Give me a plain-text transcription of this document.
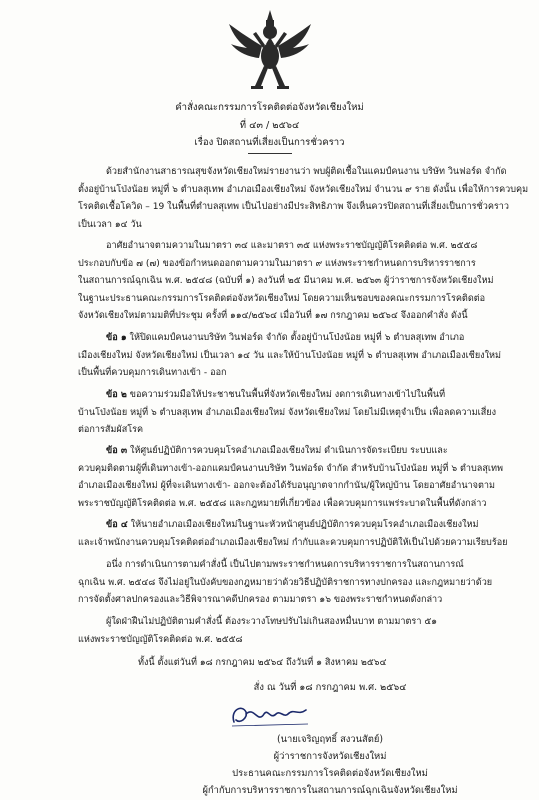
คำสั่งคณะกรรมการโรคติดต่อจังหวัดเชียงใหม่
ที่ ๔๓ / ๒๕๖๔
เรื่อง ปิดสถานที่เสี่ยงเป็นการชั่วคราว
ด้วยสำนักงานสาธารณสุขจังหวัดเชียงใหม่รายงานว่า พบผู้ติดเชื้อในแคมป์คนงาน บริษัท วินฟอร์ด จำกัด
ตั้งอยู่บ้านโป่งน้อย หมู่ที่ ๖ ตำบลสุเทพ อำเภอเมืองเชียงใหม่ จังหวัดเชียงใหม่ จำนวน ๙ ราย ดังนั้น เพื่อให้การควบคุม
โรคติดเชื้อโควิด – 19 ในพื้นที่ตำบลสุเทพ เป็นไปอย่างมีประสิทธิภาพ จึงเห็นควรปิดสถานที่เสี่ยงเป็นการชั่วคราว
เป็นเวลา ๑๔ วัน
อาศัยอำนาจตามความในมาตรา ๓๔ และมาตรา ๓๕ แห่งพระราชบัญญัติโรคติดต่อ พ.ศ. ๒๕๕๘
ประกอบกับข้อ ๗ (๗) ของข้อกำหนดออกตามความในมาตรา ๙ แห่งพระราชกำหนดการบริหารราชการ
ในสถานการณ์ฉุกเฉิน พ.ศ. ๒๕๔๘ (ฉบับที่ ๑) ลงวันที่ ๒๕ มีนาคม พ.ศ. ๒๕๖๓ ผู้ว่าราชการจังหวัดเชียงใหม่
ในฐานะประธานคณะกรรมการโรคติดต่อจังหวัดเชียงใหม่ โดยความเห็นชอบของคณะกรรมการโรคติดต่อ
จังหวัดเชียงใหม่ตามมติที่ประชุม ครั้งที่ ๑๑๔/๒๕๖๔ เมื่อวันที่ ๑๗ กรกฎาคม ๒๕๖๔ จึงออกคำสั่ง ดังนี้
ข้อ ๑ ให้ปิดแคมป์คนงานบริษัท วินฟอร์ด จำกัด ตั้งอยู่บ้านโป่งน้อย หมู่ที่ ๖ ตำบลสุเทพ อำเภอ
เมืองเชียงใหม่ จังหวัดเชียงใหม่ เป็นเวลา ๑๔ วัน และให้บ้านโป่งน้อย หมู่ที่ ๖ ตำบลสุเทพ อำเภอเมืองเชียงใหม่
เป็นพื้นที่ควบคุมการเดินทางเข้า - ออก
ข้อ ๒ ขอความร่วมมือให้ประชาชนในพื้นที่จังหวัดเชียงใหม่ งดการเดินทางเข้าไปในพื้นที่
บ้านโป่งน้อย หมู่ที่ ๖ ตำบลสุเทพ อำเภอเมืองเชียงใหม่ จังหวัดเชียงใหม่ โดยไม่มีเหตุจำเป็น เพื่อลดความเสี่ยง
ต่อการสัมผัสโรค
ข้อ ๓ ให้ศูนย์ปฏิบัติการควบคุมโรคอำเภอเมืองเชียงใหม่ ดำเนินการจัดระเบียบ ระบบและ
ควบคุมติดตามผู้ที่เดินทางเข้า-ออกแคมป์คนงานบริษัท วินฟอร์ด จำกัด สำหรับบ้านโป่งน้อย หมู่ที่ ๖ ตำบลสุเทพ
อำเภอเมืองเชียงใหม่ ผู้ที่จะเดินทางเข้า- ออกจะต้องได้รับอนุญาตจากกำนัน/ผู้ใหญ่บ้าน โดยอาศัยอำนาจตาม
พระราชบัญญัติโรคติดต่อ พ.ศ. ๒๕๕๘ และกฎหมายที่เกี่ยวข้อง เพื่อควบคุมการแพร่ระบาดในพื้นที่ดังกล่าว
ข้อ ๔ ให้นายอำเภอเมืองเชียงใหม่ในฐานะหัวหน้าศูนย์ปฏิบัติการควบคุมโรคอำเภอเมืองเชียงใหม่
และเจ้าพนักงานควบคุมโรคติดต่ออำเภอเมืองเชียงใหม่ กำกับและควบคุมการปฏิบัติให้เป็นไปด้วยความเรียบร้อย
อนึ่ง การดำเนินการตามคำสั่งนี้ เป็นไปตามพระราชกำหนดการบริหารราชการในสถานการณ์
ฉุกเฉิน พ.ศ. ๒๕๔๘ จึงไม่อยู่ในบังคับของกฎหมายว่าด้วยวิธีปฏิบัติราชการทางปกครอง และกฎหมายว่าด้วย
การจัดตั้งศาลปกครองและวิธีพิจารณาคดีปกครอง ตามมาตรา ๑๖ ของพระราชกำหนดดังกล่าว
ผู้ใดฝ่าฝืนไม่ปฏิบัติตามคำสั่งนี้ ต้องระวางโทษปรับไม่เกินสองหมื่นบาท ตามมาตรา ๕๑
แห่งพระราชบัญญัติโรคติดต่อ พ.ศ. ๒๕๕๘
ทั้งนี้ ตั้งแต่วันที่ ๑๘ กรกฎาคม ๒๕๖๔ ถึงวันที่ ๑ สิงหาคม ๒๕๖๔
สั่ง ณ วันที่ ๑๘ กรกฎาคม พ.ศ. ๒๕๖๔
(นายเจริญฤทธิ์ สงวนสัตย์)
ผู้ว่าราชการจังหวัดเชียงใหม่
ประธานคณะกรรมการโรคติดต่อจังหวัดเชียงใหม่
ผู้กำกับการบริหารราชการในสถานการณ์ฉุกเฉินจังหวัดเชียงใหม่
